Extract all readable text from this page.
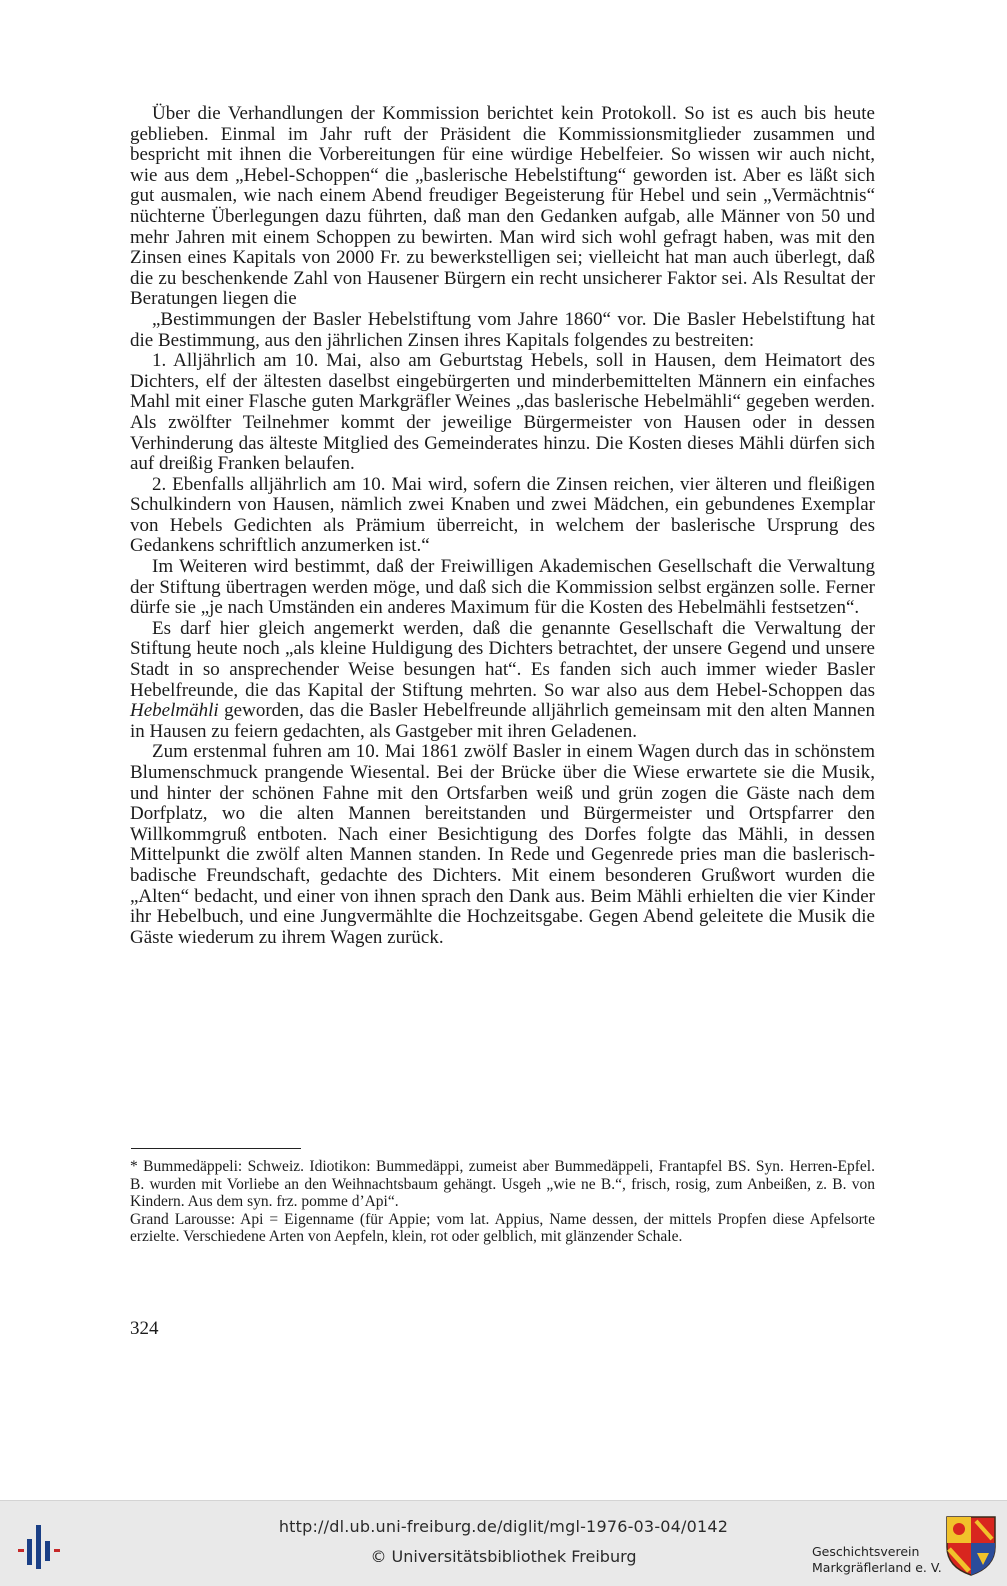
Über die Verhandlungen der Kommission berichtet kein Protokoll. So ist es auch bis heute geblieben. Einmal im Jahr ruft der Präsident die Kommissionsmitglieder zusammen und bespricht mit ihnen die Vorbereitungen für eine würdige Hebelfeier. So wissen wir auch nicht, wie aus dem „Hebel-Schoppen“ die „baslerische Hebelstiftung“ geworden ist. Aber es läßt sich gut ausmalen, wie nach einem Abend freudiger Begeisterung für Hebel und sein „Vermächtnis“ nüchterne Überlegungen dazu führten, daß man den Gedanken aufgab, alle Männer von 50 und mehr Jahren mit einem Schoppen zu bewirten. Man wird sich wohl gefragt haben, was mit den Zinsen eines Kapitals von 2000 Fr. zu bewerkstelligen sei; vielleicht hat man auch überlegt, daß die zu beschenkende Zahl von Hausener Bürgern ein recht unsicherer Faktor sei. Als Resultat der Beratungen liegen die

„Bestimmungen der Basler Hebelstiftung vom Jahre 1860“ vor. Die Basler Hebelstiftung hat die Bestimmung, aus den jährlichen Zinsen ihres Kapitals folgendes zu bestreiten:

1. Alljährlich am 10. Mai, also am Geburtstag Hebels, soll in Hausen, dem Heimatort des Dichters, elf der ältesten daselbst eingebürgerten und minderbemittelten Männern ein einfaches Mahl mit einer Flasche guten Markgräfler Weines „das baslerische Hebelmähli“ gegeben werden. Als zwölfter Teilnehmer kommt der jeweilige Bürgermeister von Hausen oder in dessen Verhinderung das älteste Mitglied des Gemeinderates hinzu. Die Kosten dieses Mähli dürfen sich auf dreißig Franken belaufen.

2. Ebenfalls alljährlich am 10. Mai wird, sofern die Zinsen reichen, vier älteren und fleißigen Schulkindern von Hausen, nämlich zwei Knaben und zwei Mädchen, ein gebundenes Exemplar von Hebels Gedichten als Prämium überreicht, in welchem der baslerische Ursprung des Gedankens schriftlich anzumerken ist.“

Im Weiteren wird bestimmt, daß der Freiwilligen Akademischen Gesellschaft die Verwaltung der Stiftung übertragen werden möge, und daß sich die Kommission selbst ergänzen solle. Ferner dürfe sie „je nach Umständen ein anderes Maximum für die Kosten des Hebelmähli festsetzen“.

Es darf hier gleich angemerkt werden, daß die genannte Gesellschaft die Verwaltung der Stiftung heute noch „als kleine Huldigung des Dichters betrachtet, der unsere Gegend und unsere Stadt in so ansprechender Weise besungen hat“. Es fanden sich auch immer wieder Basler Hebelfreunde, die das Kapital der Stiftung mehrten. So war also aus dem Hebel-Schoppen das Hebelmähli geworden, das die Basler Hebelfreunde alljährlich gemeinsam mit den alten Mannen in Hausen zu feiern gedachten, als Gastgeber mit ihren Geladenen.

Zum erstenmal fuhren am 10. Mai 1861 zwölf Basler in einem Wagen durch das in schönstem Blumenschmuck prangende Wiesental. Bei der Brücke über die Wiese erwartete sie die Musik, und hinter der schönen Fahne mit den Ortsfarben weiß und grün zogen die Gäste nach dem Dorfplatz, wo die alten Mannen bereitstanden und Bürgermeister und Ortspfarrer den Willkommgruß entboten. Nach einer Besichtigung des Dorfes folgte das Mähli, in dessen Mittelpunkt die zwölf alten Mannen standen. In Rede und Gegenrede pries man die baslerisch-badische Freundschaft, gedachte des Dichters. Mit einem besonderen Grußwort wurden die „Alten“ bedacht, und einer von ihnen sprach den Dank aus. Beim Mähli erhielten die vier Kinder ihr Hebelbuch, und eine Jungvermählte die Hochzeitsgabe. Gegen Abend geleitete die Musik die Gäste wiederum zu ihrem Wagen zurück.

* Bummedäppeli: Schweiz. Idiotikon: Bummedäppi, zumeist aber Bummedäppeli, Frantapfel BS. Syn. Herren-Epfel. B. wurden mit Vorliebe an den Weihnachtsbaum gehängt. Usgeh „wie ne B.“, frisch, rosig, zum Anbeißen, z. B. von Kindern. Aus dem syn. frz. pomme d’Api“.

Grand Larousse: Api = Eigenname (für Appie; vom lat. Appius, Name dessen, der mittels Propfen diese Apfelsorte erzielte. Verschiedene Arten von Aepfeln, klein, rot oder gelblich, mit glänzender Schale.

324
http://dl.ub.uni-freiburg.de/diglit/mgl-1976-03-04/0142
© Universitätsbibliothek Freiburg	Geschichtsverein
Markgräflerland e. V.
